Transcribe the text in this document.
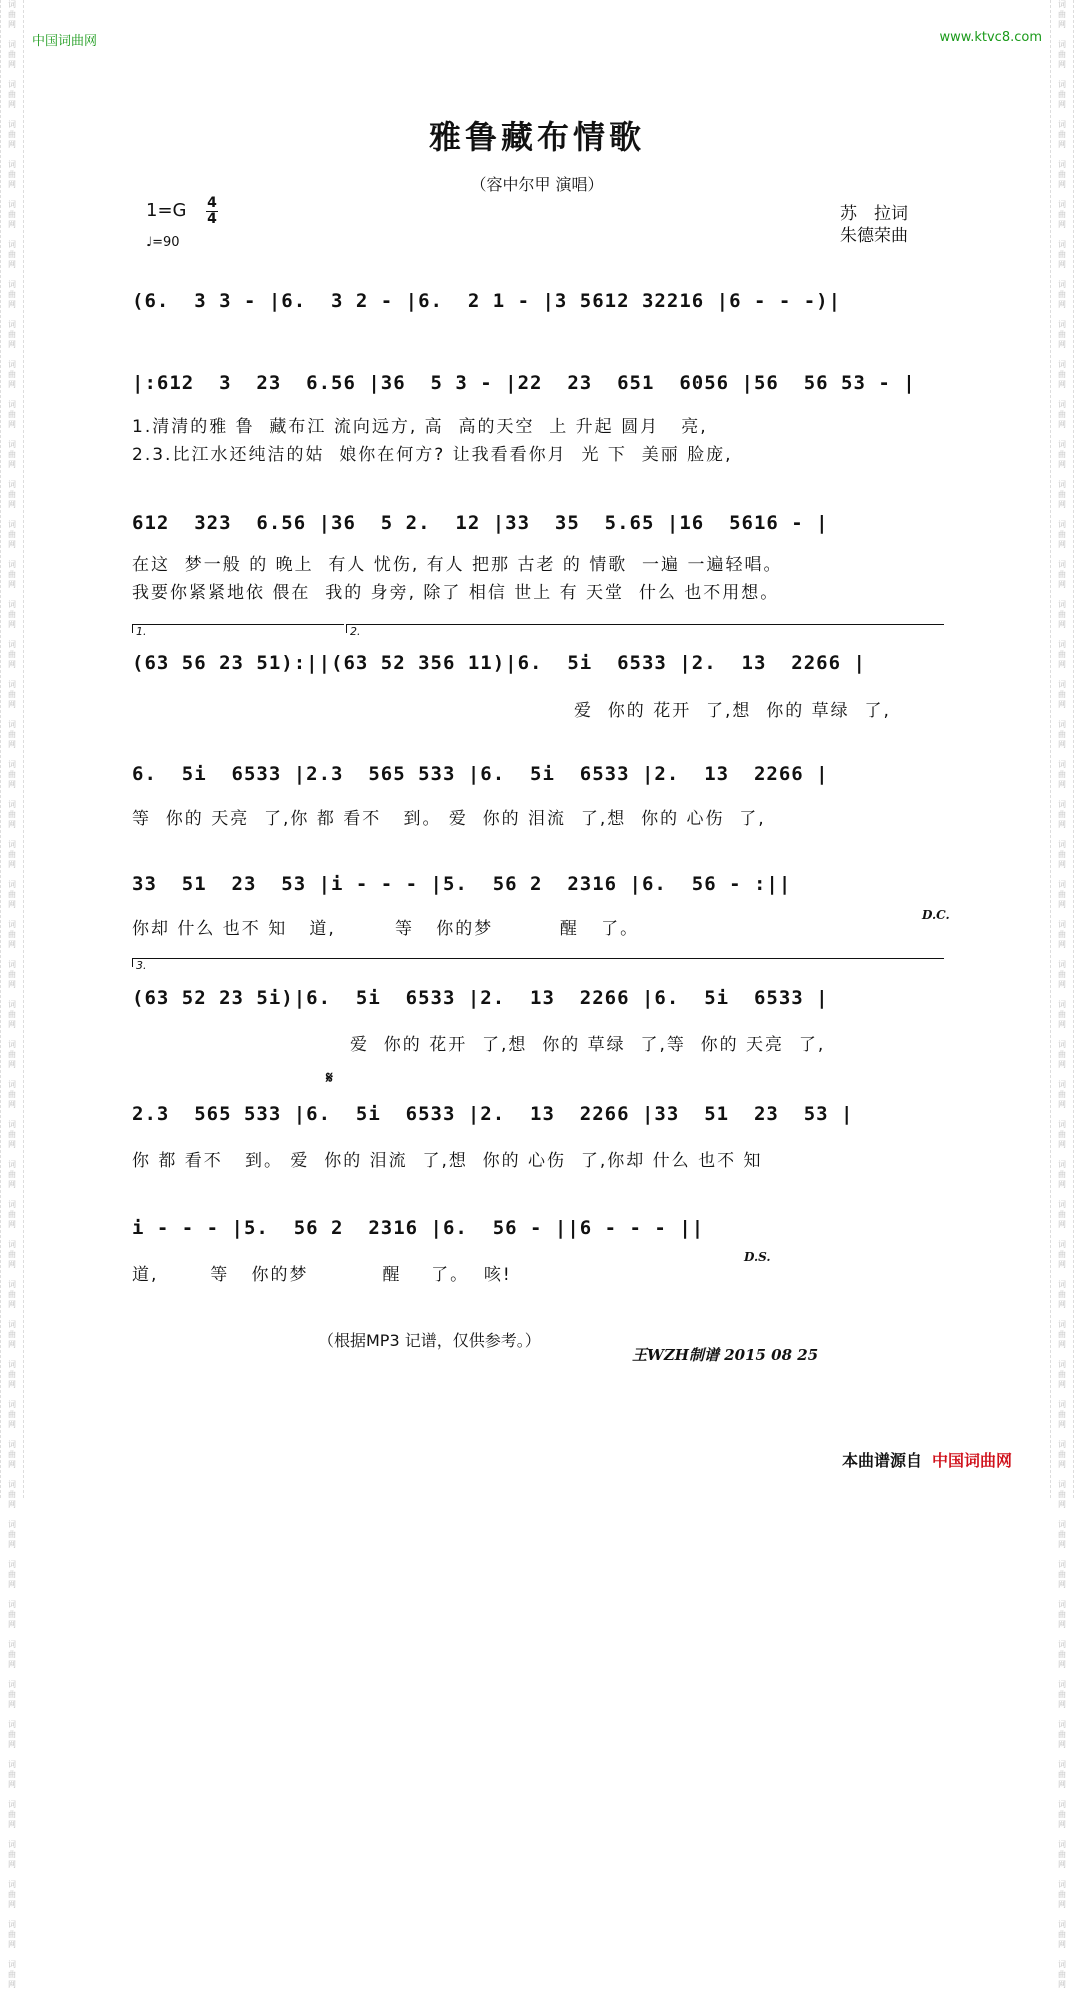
词
曲
网

词
曲
网

词
曲
网

词
曲
网

词
曲
网

词
曲
网

词
曲
网

词
曲
网

词
曲
网

词
曲
网

词
曲
网

词
曲
网

词
曲
网

词
曲
网

词
曲
网

词
曲
网

词
曲
网

词
曲
网

词
曲
网

词
曲
网

词
曲
网

词
曲
网

词
曲
网

词
曲
网

词
曲
网

词
曲
网

词
曲
网

词
曲
网

词
曲
网

词
曲
网

词
曲
网

词
曲
网

词
曲
网

词
曲
网

词
曲
网

词
曲
网

词
曲
网

词
曲
网

词
曲
网

词
曲
网

词
曲
网

词
曲
网

词
曲
网

词
曲
网

词
曲
网

词
曲
网

词
曲
网

词
曲
网

词
曲
网

词
曲
网

词
曲
网

词
曲
网

词
曲
网

词
曲
网

词
曲
网

词
曲
网

词
曲
网

词
曲
网

词
曲
网

词
曲
网

词
曲
网

词
曲
网

词
曲
网

词
曲
网

词
曲
网

词
曲
网

词
曲
网

词
曲
网

词
曲
网

词
曲
网

词
曲
网

词
曲
网

词
曲
网

词
曲
网

词
曲
网

词
曲
网

词
曲
网

词
曲
网

词
曲
网

词
曲
网

词
曲
网

词
曲
网

词
曲
网

词
曲
网

词
曲
网

词
曲
网

词
曲
网

词
曲
网

词
曲
网

词
曲
网

词
曲
网

词
曲
网

词
曲
网

词
曲
网

词
曲
网

词
曲
网

词
曲
网

词
曲
网

词
曲
网

词
曲
网

中国词曲网	www.ktvc8.com
雅鲁藏布情歌
（容中尔甲 演唱）
1=G 4
4
♩=90
苏　拉词
朱德荣曲
(6.  3 3 - |6.  3 2 - |6.  2 1 - |3 5612 32216 |6 - - -)|
|:612  3  23  6.56 |36  5 3 - |22  23  651  6056 |56  56 53 - |
1.清清的雅 鲁  藏布江 流向远方, 高  高的天空  上 升起 圆月   亮,
2.3.比江水还纯洁的姑  娘你在何方? 让我看看你月  光 下  美丽 脸庞,
612  323  6.56 |36  5 2.  12 |33  35  5.65 |16  5616 - |
在这  梦一般 的 晚上  有人 忧伤, 有人 把那 古老 的 情歌  一遍 一遍轻唱。
我要你紧紧地依 偎在  我的 身旁, 除了 相信 世上 有 天堂  什么 也不用想。
1.	2.
(63 56 23 51):||(63 52 356 11)|6.  5i  6533 |2.  13  2266 |
爱  你的 花开  了,想  你的 草绿  了,
6.  5i  6533 |2.3  565 533 |6.  5i  6533 |2.  13  2266 |
等  你的 天亮  了,你 都 看不   到。 爱  你的 泪流  了,想  你的 心伤  了,
33  51  23  53 |i - - - |5.  56 2  2316 |6.  56 - :||
你却 什么 也不 知   道,        等   你的梦         醒   了。
D.C.
3.
(63 52 23 5i)|6.  5i  6533 |2.  13  2266 |6.  5i  6533 |
爱  你的 花开  了,想  你的 草绿  了,等  你的 天亮  了,
𝄋
2.3  565 533 |6.  5i  6533 |2.  13  2266 |33  51  23  53 |
你 都 看不   到。 爱  你的 泪流  了,想  你的 心伤  了,你却 什么 也不 知
i - - - |5.  56 2  2316 |6.  56 - ||6 - - - ||
道,       等   你的梦          醒    了。  咳!
D.S.
（根据MP3 记谱，仅供参考。）
王WZH制谱 2015 08 25
本曲谱源自 中国词曲网
